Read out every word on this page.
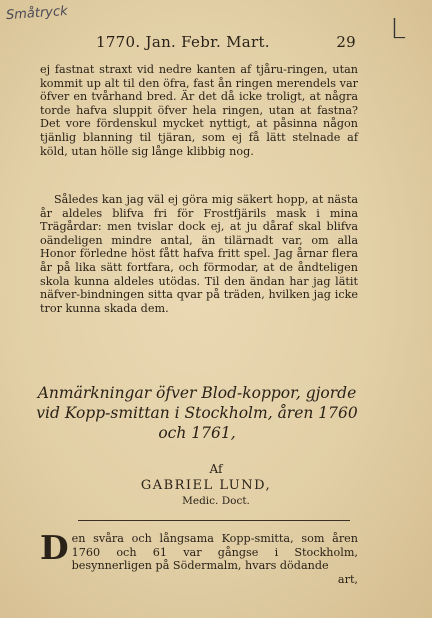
Småtryck	L
1770. Jan. Febr. Mart.	29

ej fastnat straxt vid nedre kanten af tjåru-ringen, utan kommit up alt til den öfra, fast ån ringen merendels var öfver en tvårhand bred. Är det då icke troligt, at några torde hafva sluppit öfver hela ringen, utan at fastna? Det vore fördenskul mycket nyttigt, at påsinna någon tjänlig blanning til tjäran, som ej få lätt stelnade af köld, utan hölle sig långe klibbig nog.

Således kan jag väl ej göra mig säkert hopp, at nästa år aldeles blifva fri för Frostfjärils mask i mina Trägårdar: men tvislar dock ej, at ju dåraf skal blifva oändeligen mindre antal, än tilärnadt var, om alla Honor förledne höst fått hafva fritt spel. Jag årnar flera år på lika sätt fortfara, och förmodar, at de åndteligen skola kunna aldeles utödas. Til den ändan har jag lätit näfver-bindningen sitta qvar på träden, hvilken jag icke tror kunna skada dem.

Anmärkningar öfver Blod-koppor, gjorde vid Kopp-smittan i Stockholm, åren 1760 och 1761,
Af
GABRIEL LUND,
Medic. Doct.
D en svåra och långsama Kopp-smitta, som åren 1760 och 61 var gångse i Stockholm, besynnerligen på Södermalm, hvars dödande
art,
